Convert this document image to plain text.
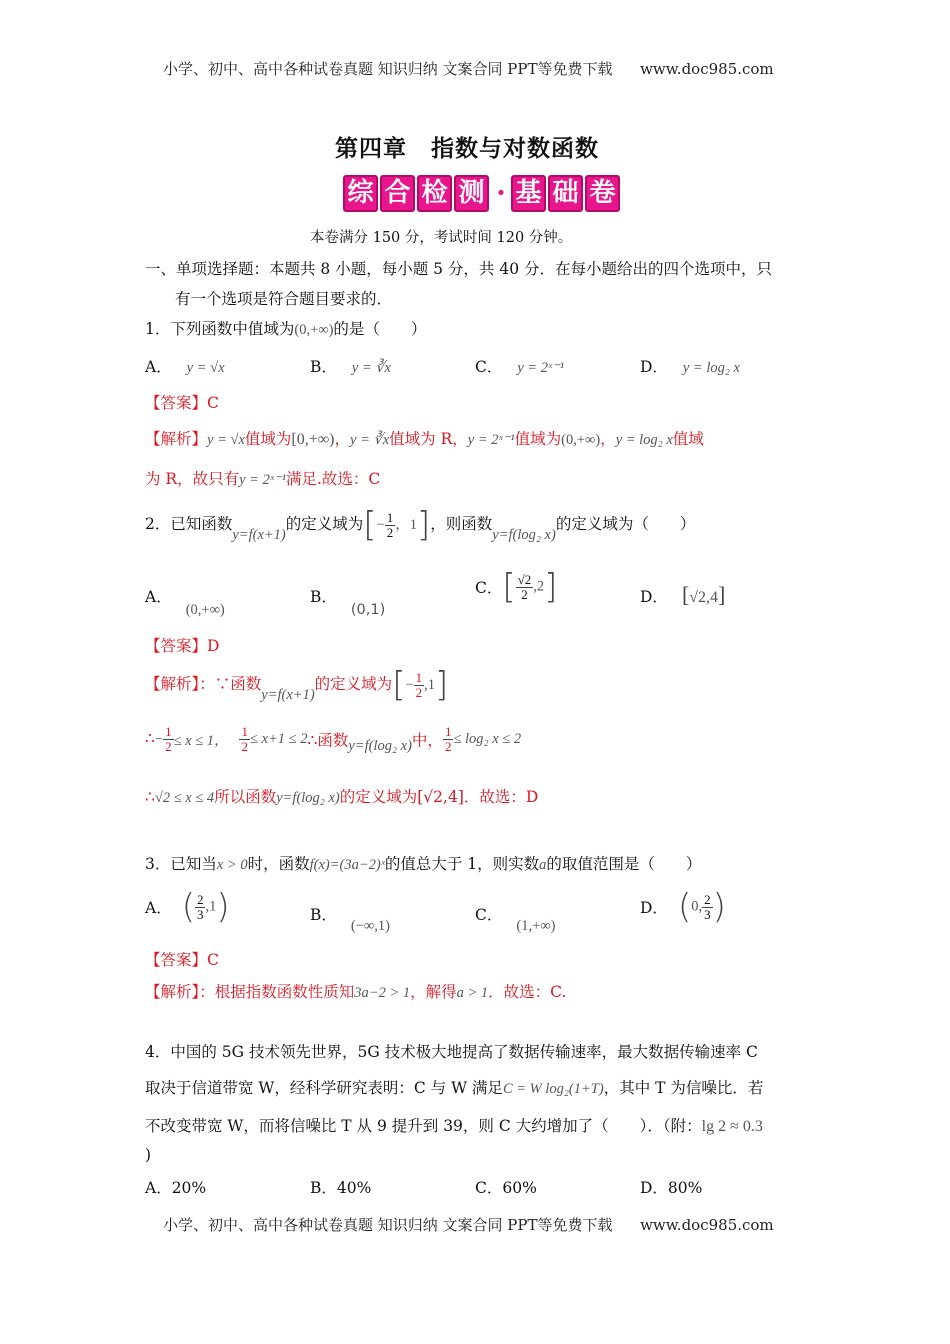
小学、初中、高中各种试卷真题 知识归纳 文案合同 PPT等免费下载 www.doc985.com
第四章　指数与对数函数
综 合 检 测 · 基 础 卷
本卷满分 150 分，考试时间 120 分钟。
一、单项选择题：本题共 8 小题，每小题 5 分，共 40 分．在每小题给出的四个选项中，只
有一个选项是符合题目要求的．
1．下列函数中值域为(0,+∞)的是（　　）
A． y = √x	B． y = ∛x	C． y = 2ˣ⁻¹	D． y = log₂ x
【答案】C
【解析】y = √x值域为[0,+∞)，y = ∛x值域为 R，y = 2ˣ⁻¹值域为(0,+∞)，y = log₂ x值域
为 R，故只有y = 2ˣ⁻¹满足.故选：C
2．已知函数y=f(x+1)的定义域为[− $\frac{1}{2}$ ，1]，则函数y=f(log₂ x)的定义域为（　　）
A．(0,+∞)
B．(0,1)
C．[ $\frac{√2}{2} ,2$]	D． [√2,4]
【答案】D
【解析】：∵函数y=f(x+1)的定义域为[− $\frac{1}{2} ,1$]
∴− $\frac{1}{2} \le x \le 1$， $\frac{1}{2} \le x+1$ ≤ 2∴函数y=f(log₂ x)中， $\frac{1}{2} \le \log_2$ x ≤ 2
∴√2 ≤ x ≤ 4所以函数y=f(log₂ x)的定义域为[√2,4]．故选：D
3．已知当x > 0时，函数f(x)=(3a−2)ˣ的值总大于 1，则实数a的取值范围是（　　）
A． ( $\frac{2}{3} ,1$)	B．(−∞,1)
C．(1,+∞)
D． (0, $\frac{2}{3}$ )
【答案】C
【解析】：根据指数函数性质知3a−2 > 1，解得a > 1．故选：C.
4．中国的 5G 技术领先世界，5G 技术极大地提高了数据传输速率，最大数据传输速率 C
取决于信道带宽 W，经科学研究表明：C 与 W 满足C = W log₂(1+T)，其中 T 为信噪比．若
不改变带宽 W，而将信噪比 T 从 9 提升到 39，则 C 大约增加了（　　）．（附：lg 2 ≈ 0.3
)
A．20%	B．40%	C．60%	D．80%
小学、初中、高中各种试卷真题 知识归纳 文案合同 PPT等免费下载 www.doc985.com
